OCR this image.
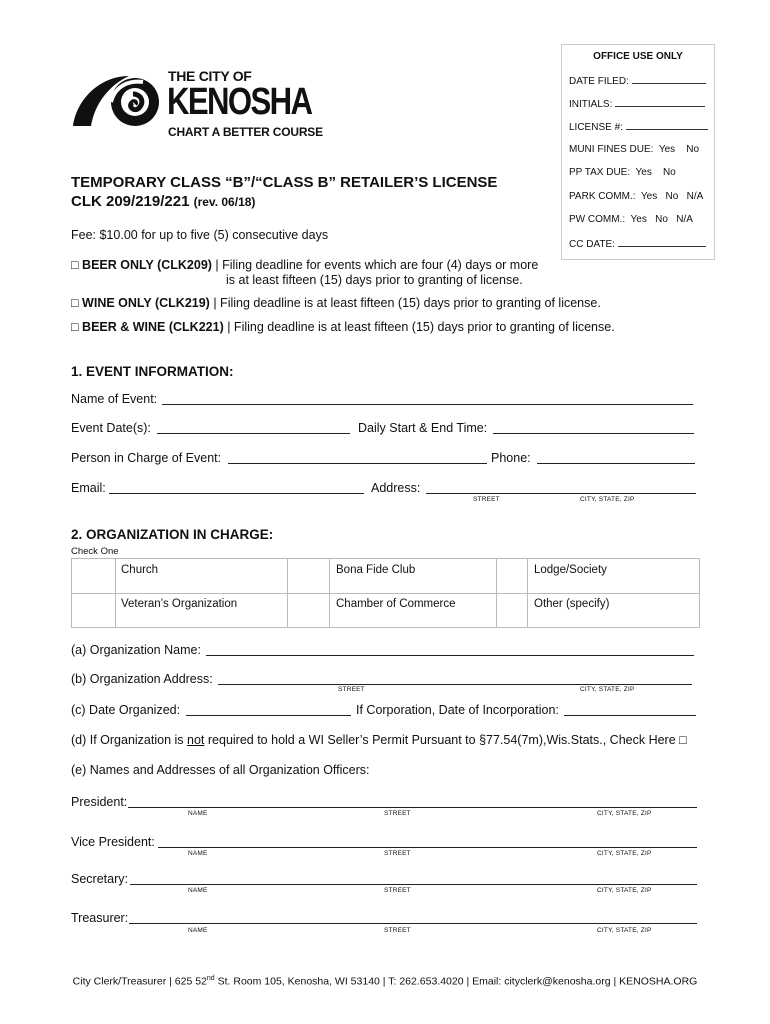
OFFICE USE ONLY
DATE FILED:
INITIALS:
LICENSE #:
MUNI FINES DUE: Yes    No
PP TAX DUE: Yes    No
PARK COMM.: Yes   No   N/A
PW COMM.: Yes   No   N/A
CC DATE:
THE CITY OF
KENOSHA
CHART A BETTER COURSE
TEMPORARY CLASS “B”/“CLASS B” RETAILER’S LICENSE
CLK 209/219/221 (rev. 06/18)
Fee: $10.00 for up to five (5) consecutive days
□ BEER ONLY (CLK209) | Filing deadline for events which are four (4) days or more
is at least fifteen (15) days prior to granting of license.
□ WINE ONLY (CLK219) | Filing deadline is at least fifteen (15) days prior to granting of license.
□ BEER & WINE (CLK221) | Filing deadline is at least fifteen (15) days prior to granting of license.
1. EVENT INFORMATION:
Name of Event:
Event Date(s):	Daily Start & End Time:
Person in Charge of Event:	Phone:
Email:	Address:
STREET	CITY, STATE, ZIP
2. ORGANIZATION IN CHARGE:
Check One
Church	Bona Fide Club	Lodge/Society
Veteran’s Organization	Chamber of Commerce	Other (specify)
(a) Organization Name:
(b) Organization Address:
STREET	CITY, STATE, ZIP
(c) Date Organized:	If Corporation, Date of Incorporation:
(d) If Organization is not required to hold a WI Seller’s Permit Pursuant to §77.54(7m),Wis.Stats., Check Here □
(e) Names and Addresses of all Organization Officers:
President:
NAME	STREET	CITY, STATE, ZIP
Vice President:
NAME	STREET	CITY, STATE, ZIP
Secretary:
NAME	STREET	CITY, STATE, ZIP
Treasurer:
NAME	STREET	CITY, STATE, ZIP
City Clerk/Treasurer | 625 52nd St. Room 105, Kenosha, WI 53140 | T: 262.653.4020 | Email: cityclerk@kenosha.org | KENOSHA.ORG
